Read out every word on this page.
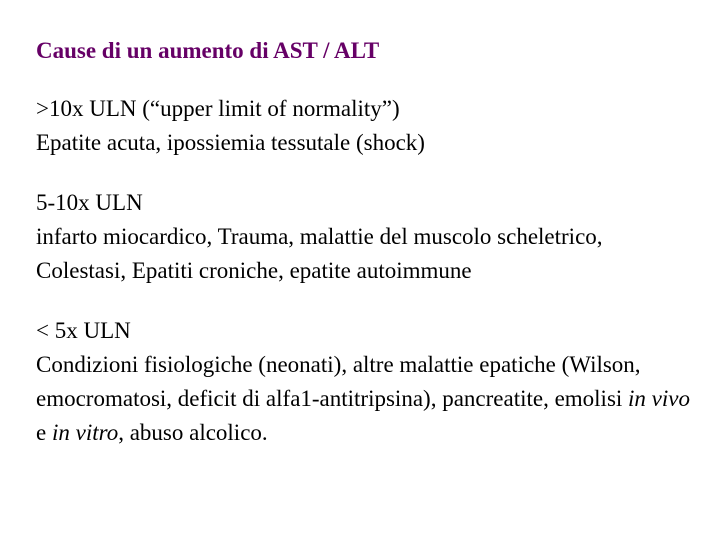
Cause di un aumento di AST / ALT

>10x ULN (“upper limit of normality”)

Epatite acuta, ipossiemia tessutale (shock)

5-10x ULN

infarto miocardico, Trauma, malattie del muscolo scheletrico, Colestasi, Epatiti croniche, epatite autoimmune

< 5x ULN

Condizioni fisiologiche (neonati), altre malattie epatiche (Wilson, emocromatosi, deficit di alfa1-antitripsina), pancreatite, emolisi in vivo e in vitro, abuso alcolico.
